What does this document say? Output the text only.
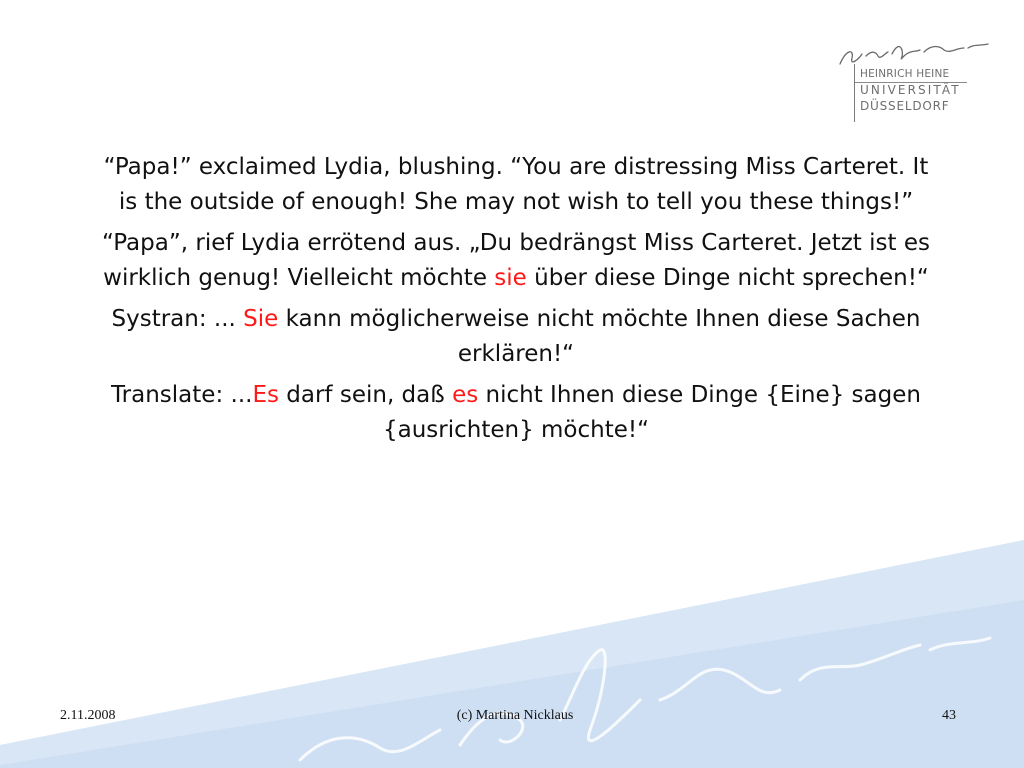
HEINRICH HEINE
UNIVERSITÄT
DÜSSELDORF

“Papa!” exclaimed Lydia, blushing. “You are distressing Miss Carteret. It is the outside of enough! She may not wish to tell you these things!”

“Papa”, rief Lydia errötend aus. „Du bedrängst Miss Carteret. Jetzt ist es wirklich genug! Vielleicht möchte sie über diese Dinge nicht sprechen!“

Systran: ... Sie kann möglicherweise nicht möchte Ihnen diese Sachen erklären!“

Translate: ...Es darf sein, daß es nicht Ihnen diese Dinge {Eine} sagen {ausrichten} möchte!“

2.11.2008	(c) Martina Nicklaus	43
